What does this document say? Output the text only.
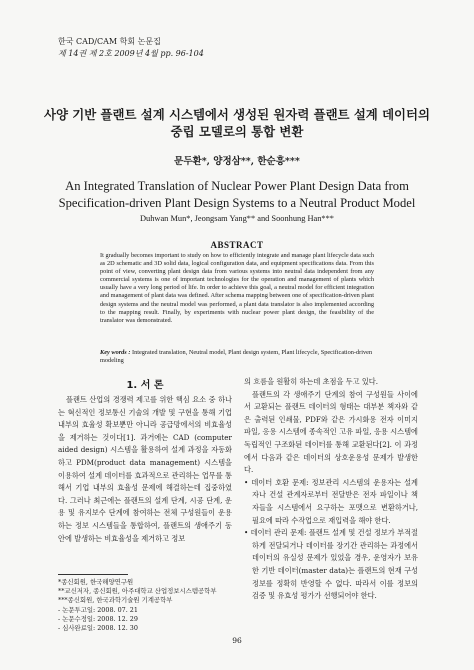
한국 CAD/CAM 학회 논문집
제 14권 제 2호 2009년 4월 pp. 96-104
사양 기반 플랜트 설계 시스템에서 생성된 원자력 플랜트 설계 데이터의 중립 모델로의 통합 변환
문두환*, 양정삼**, 한순흥***
An Integrated Translation of Nuclear Power Plant Design Data from Specification-driven Plant Design Systems to a Neutral Product Model
Duhwan Mun*, Jeongsam Yang** and Soonhung Han***
ABSTRACT
It gradually becomes important to study on how to efficiently integrate and manage plant lifecycle data such as 2D schematic and 3D solid data, logical configuration data, and equipment specifications data. From this point of view, converting plant design data from various systems into neutral data independent from any commercial systems is one of important technologies for the operation and management of plants which usually have a very long period of life. In order to achieve this goal, a neutral model for efficient integration and management of plant data was defined. After schema mapping between one of specification-driven plant design systems and the neutral model was performed, a plant data translator is also implemented according to the mapping result. Finally, by experiments with nuclear power plant design, the feasibility of the translator was demonstrated.
Key words : Integrated translation, Neutral model, Plant design system, Plant lifecycle, Specification-driven modeling
1. 서 론

플랜트 산업의 경쟁력 제고를 위한 핵심 요소 중 하나는 혁신적인 정보통신 기술의 개발 및 구현을 통해 기업 내부의 효율성 확보뿐만 아니라 공급망에서의 비효율성을 제거하는 것이다[1]. 과거에는 CAD (computer aided design) 시스템을 활용하여 설계 과정을 자동화하고 PDM(product data management) 시스템을 이용하여 설계 데이터를 효과적으로 관리하는 업무를 통해서 기업 내부의 효율성 문제에 해결하는데 집중하였다. 그러나 최근에는 플랜트의 설계 단계, 시공 단계, 운용 및 유지보수 단계에 참여하는 전체 구성원들이 운용하는 정보 시스템들을 통합하여, 플랜트의 생애주기 동안에 발생하는 비효율성을 제거하고 정보

*종신회원, 한국해양연구원
**교신저자, 종신회원, 아주대학교 산업정보시스템공학부
***종신회원, 한국과학기술원 기계공학부
- 논문투고일: 2008. 07. 21
- 논문수정일: 2008. 12. 29
- 심사완료일: 2008. 12. 30

의 흐름을 원활히 하는데 초점을 두고 있다.

플랜트의 각 생애주기 단계의 참여 구성원들 사이에서 교환되는 플랜트 데이터의 형태는 대부분 책자와 같은 출력된 인쇄물, PDF와 같은 가시화용 전자 이미지 파일, 응용 시스템에 종속적인 고유 파일, 응용 시스템에 독립적인 구조화된 데이터를 통해 교환된다[2]. 이 과정에서 다음과 같은 데이터의 상호운용성 문제가 발생한다.

• 데이터 호환 문제: 정보관리 시스템의 운용자는 설계자나 건설 관계자로부터 전달받은 전자 파일이나 책자들을 시스템에서 요구하는 포맷으로 변환하거나, 필요에 따라 수작업으로 재입력을 해야 한다.

• 데이터 관리 문제: 플랜트 설계 및 건설 정보가 부적절하게 전달되거나 데이터를 장기간 관리하는 과정에서 데이터의 유실성 문제가 있었을 경우, 운영자가 보유한 기반 데이터(master data)는 플랜트의 현재 구성 정보를 정확히 반영할 수 없다. 따라서 이를 정보의 검증 및 유효성 평가가 선행되어야 한다.

96
